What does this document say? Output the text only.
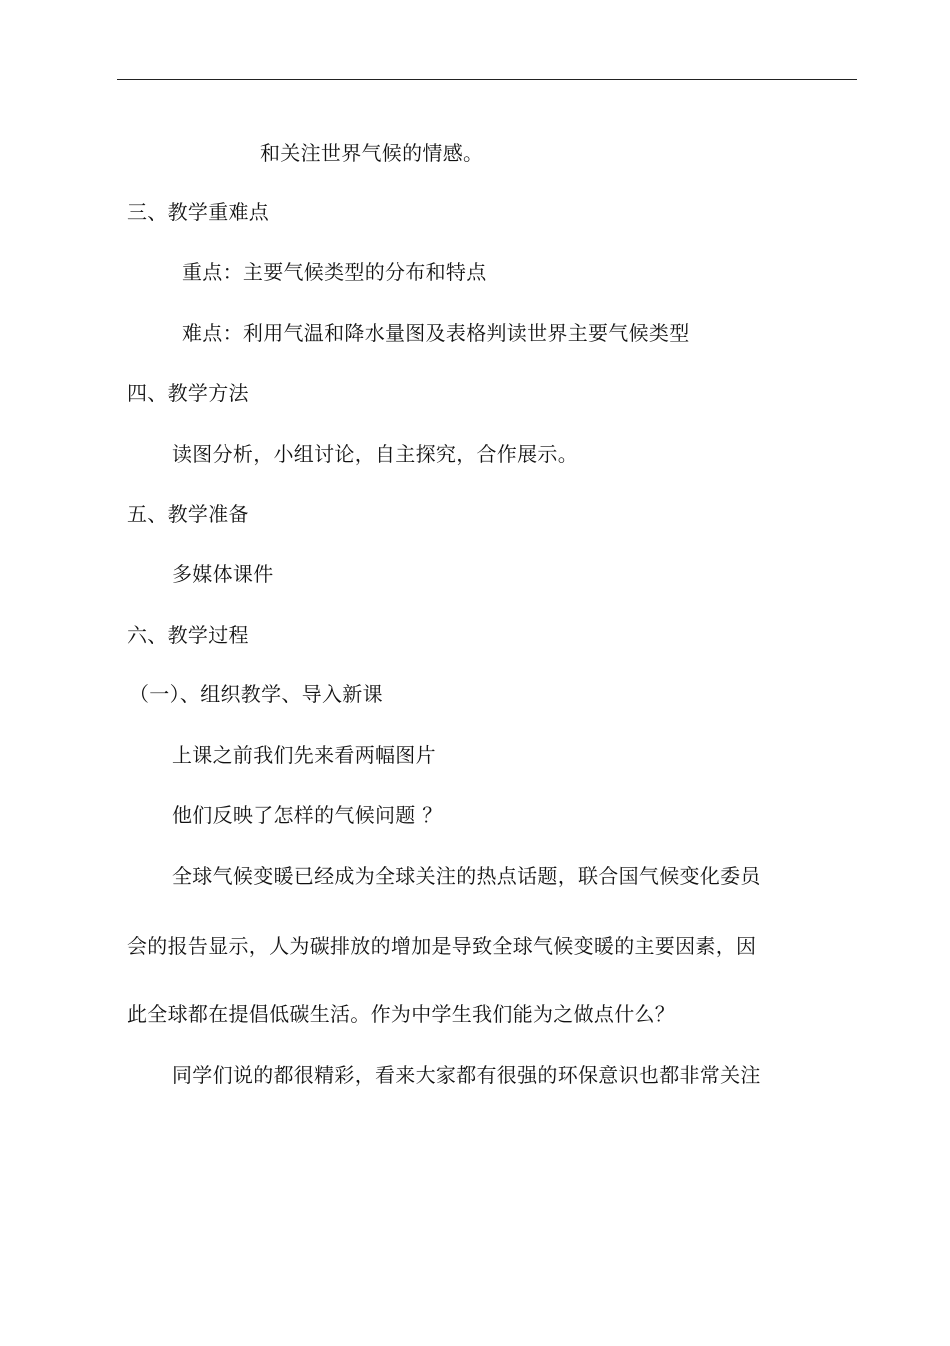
和关注世界气候的情感。
三、教学重难点
重点：主要气候类型的分布和特点
难点：利用气温和降水量图及表格判读世界主要气候类型
四、教学方法
读图分析，小组讨论，自主探究，合作展示。
五、教学准备
多媒体课件
六、教学过程
（一）、组织教学、导入新课
上课之前我们先来看两幅图片
他们反映了怎样的气候问题 ？
全球气候变暖已经成为全球关注的热点话题，联合国气候变化委员
会的报告显示，人为碳排放的增加是导致全球气候变暖的主要因素，因
此全球都在提倡低碳生活。作为中学生我们能为之做点什么？
同学们说的都很精彩，看来大家都有很强的环保意识也都非常关注
